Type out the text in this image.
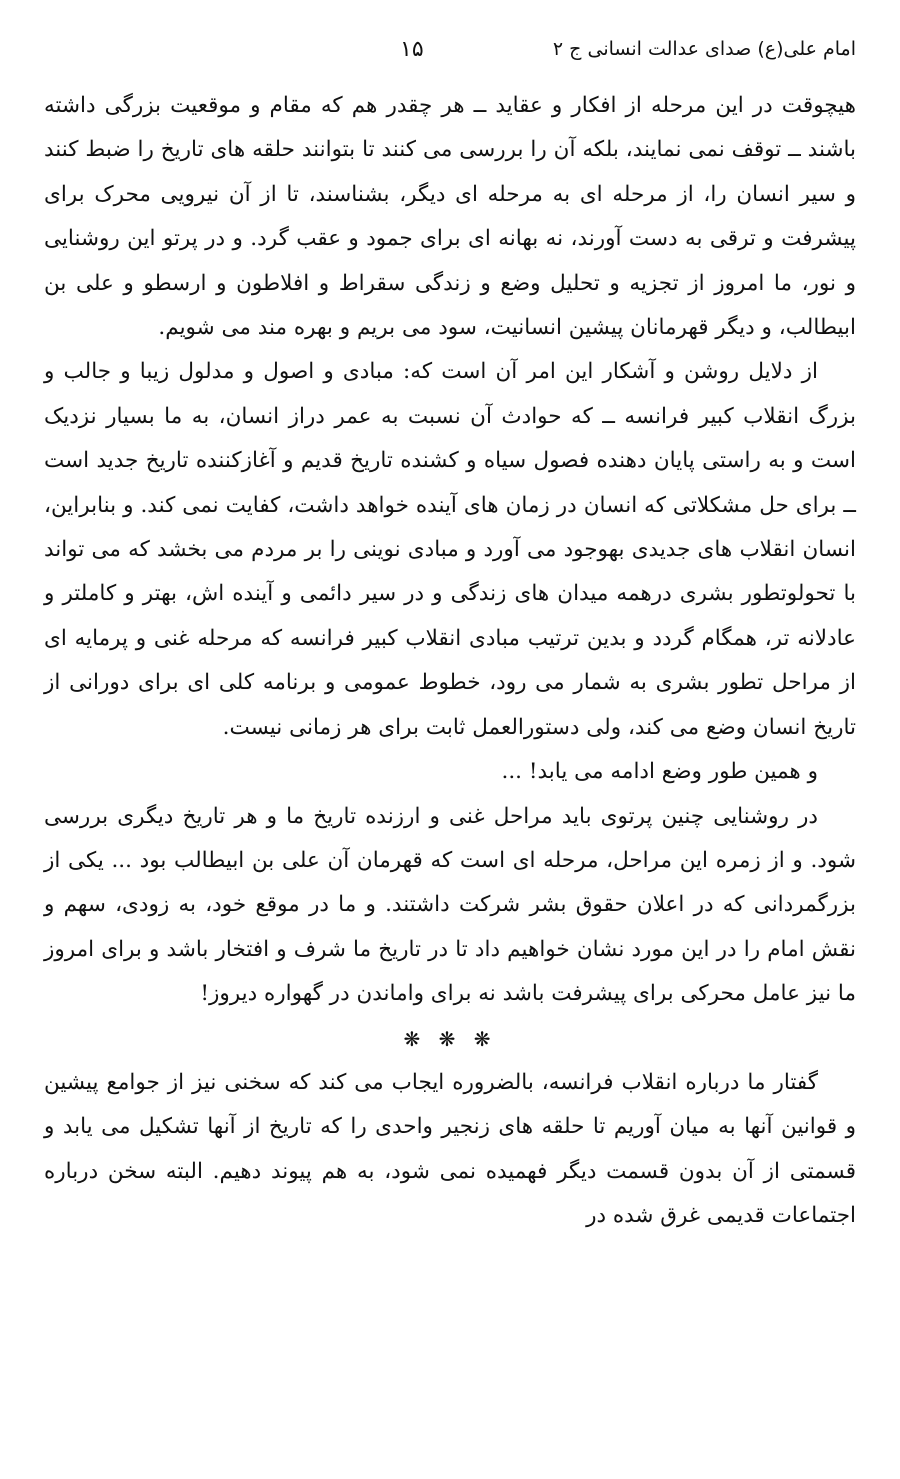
امام علی(ع) صدای عدالت انسانی ج ۲
۱۵

هیچوقت در این مرحله از افکار و عقاید ــ هر چقدر هم که مقام و موقعیت بزرگی داشته باشند ــ توقف نمی نمایند، بلکه آن را بررسی می کنند تا بتوانند حلقه های تاریخ را ضبط کنند و سیر انسان را، از مرحله ای به مرحله ای دیگر، بشناسند، تا از آن نیرویی محرک برای پیشرفت و ترقی به دست آورند، نه بهانه ای برای جمود و عقب گرد. و در پرتو این روشنایی و نور، ما امروز از تجزیه و تحلیل وضع و زندگی سقراط و افلاطون و ارسطو و علی بن ابیطالب، و دیگر قهرمانان پیشین انسانیت، سود می بریم و بهره مند می شویم.

از دلایل روشن و آشکار این امر آن است که: مبادی و اصول و مدلول زیبا و جالب و بزرگ انقلاب کبیر فرانسه ــ که حوادث آن نسبت به عمر دراز انسان، به ما بسیار نزدیک است و به راستی پایان دهنده فصول سیاه و کشنده تاریخ قدیم و آغازکننده تاریخ جدید است ــ برای حل مشکلاتی که انسان در زمان های آینده خواهد داشت، کفایت نمی کند. و بنابراین، انسان انقلاب های جدیدی بهوجود می آورد و مبادی نوینی را بر مردم می بخشد که می تواند با تحولوتطور بشری درهمه میدان های زندگی و در سیر دائمی و آینده اش، بهتر و کاملتر و عادلانه تر، همگام گردد و بدین ترتیب مبادی انقلاب کبیر فرانسه که مرحله غنی و پرمایه ای از مراحل تطور بشری به شمار می رود، خطوط عمومی و برنامه کلی ای برای دورانی از تاریخ انسان وضع می کند، ولی دستورالعمل ثابت برای هر زمانی نیست.

و همین طور وضع ادامه می یابد! ...

در روشنایی چنین پرتوی باید مراحل غنی و ارزنده تاریخ ما و هر تاریخ دیگری بررسی شود. و از زمره این مراحل، مرحله ای است که قهرمان آن علی بن ابیطالب بود ... یکی از بزرگمردانی که در اعلان حقوق بشر شرکت داشتند. و ما در موقع خود، به زودی، سهم و نقش امام را در این مورد نشان خواهیم داد تا در تاریخ ما شرف و افتخار باشد و برای امروز ما نیز عامل محرکی برای پیشرفت باشد نه برای واماندن در گهواره دیروز!

❋ ❋ ❋

گفتار ما درباره انقلاب فرانسه، بالضروره ایجاب می کند که سخنی نیز از جوامع پیشین و قوانین آنها به میان آوریم تا حلقه های زنجیر واحدی را که تاریخ از آنها تشکیل می یابد و قسمتی از آن بدون قسمت دیگر فهمیده نمی شود، به هم پیوند دهیم. البته سخن درباره اجتماعات قدیمی غرق شده در
